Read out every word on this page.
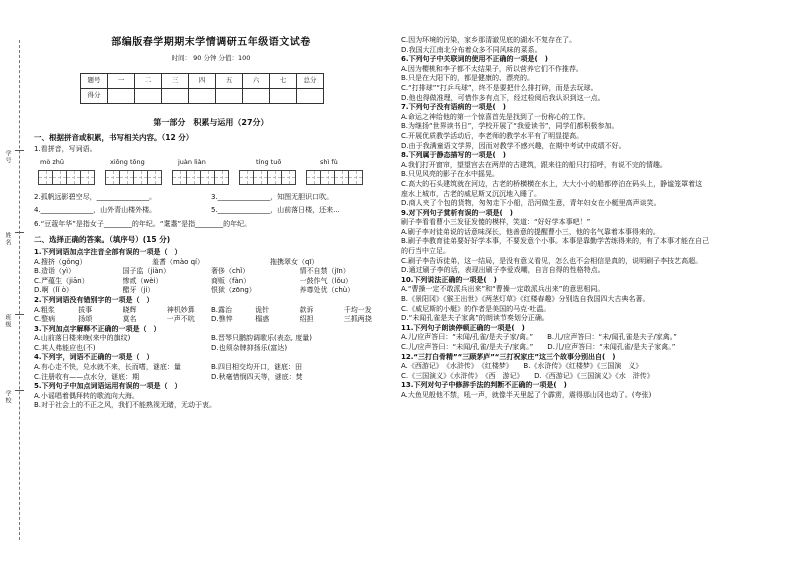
学号
姓名
班级
学校
部编版春学期期末学情调研五年级语文试卷
时间： 90 分钟 分值：100
题号	一	二	三	四	五	六	七	总分
得分								
第一部分　积累与运用（27分）
一、根据拼音或积累，书写相关内容。（12 分）
1.看拼音，写词语。
mò zhū	xiōng tōng	juàn liàn	tíng tuō	shì fù
2.孤帆远影碧空尽，_______________。	3._______________，知图无胆识口吹。
4._______________，山外青山楼外楼。	5._______________，山前落日楼，还来...
6.“豆蔻年华”是指女子________的年纪。“耄耋”是指________的年纪。
二、选择正确的答案。（填序号）(15 分)
1.下列词语加点字注音全部有误的一项是（　）
A.搜挤（gǒng）	羞耆（mào qí）	拖携翠女（qī）
B.造诣（yì）	国子监（jiàn）	奢侈（chǐ）	情不自禁（jīn）
C.严蕴生（jiān）	惨贰（wèi）	商贩（fàn）	一鼓作气（lǒu）
D.啊（lǐ ò）	醋牙（ji）	恨狱（zōng）	养尊处优（chù）
2.下列词语没有错别字的一项是（　）
A.粗浆	拔事	晓辉	神机妙算	B.露治	诡针	款诉	千均一发
C.整病	扬颂	莫名	一声不吭	D.憔悴	榻惑	绍担	三抓两挠
3.下列加点字解释不正确的一项是（　）
A.山前落日楼来晚(来中的旗纹)	B.晋琴只鹏韵调歌乐(表态, 度量)
C.其人弗能应也(不)	D.也须杂牌抑扬乐(富达)
4.下列字，词语不正确的一项是（　）
A.有心走不快，兑水就不来，长而嗜，谜底：量	B.四目相交均开口，谜底：田
C.注册收有——点水分，谜底：期	D.秋毫惜悯四天等，谜底：焚
5.下列句子中加点词语运用有误的一项是（　）
A.小谣唱着偶拜转的歌流向大海。
B.对于社会上的不正之风，我们不能熟视无睹，无动于衷。
C.因为环境的污染，家乡那清澈见底的湖水不复存在了。
D.我国大江南北分布着众多不同风味的菜系。
6.下列句子中关联词的使用不正确的一项是(　)
A.因为樱桃和李子都不太结果子，所以营养它们不作推荐。
B.只是在大阳下的，都是健康的、漂亮的。
C.“打排球”“打乒乓球”，终不是要把什么排打碎，而是去玩球。
D.他也得做准理，可惜作多有点下，经过检阅后我认识到这一点。
7.下列句子没有语病的一项是(　)
A.命运之神给他的第一个惊喜首先是找到了一份称心的工作。
B.为继扬“世界读书日”，学校开展了“我爱读书”，同学们都积极参加。
C.开展优质教学活动后，李老师的教学水平有了明显提高。
D.由于我满童语文学界，因而对教学不感兴趣，在期中考试中成绩不好。
8.下列属于静态描写的一项是(　)
A.我们打开窗帘，望望宫去在两岸的古建筑，跟来往的船只打招呼，有说不完的情趣。
B.只见风亮的影子在水中摇晃。
C.高大的石头建筑就在河边，古老的桥横横在水上，大大小小的船都停泊在码头上，静谧笼罩着这
座水上城市，古老的威尼斯又沉沉地入睡了。
D.商人夹了个包的货物，匆匆走下小船，沿河做生意，青年妇女在小艇里高声谈笑。
9.对下列句子赏析有误的一项是(　)
刷子李看看曹小三发征发傻的模样，笑道：“好好学本事吧！”
A.刷子李对徒弟说的话意味深长，他善意的提醒曹小三，他的名气靠着本事得来的。
B.刷子李教育徒弟要好好学本事，不要发意个小事。本事是靠勤学苦练得来的，有了本事才能在自己
的行当中立足。
C.刷子李告诉徒弟，这一结局，是没有意义看见，怎么也不会相信是真的，说明刷子李技艺高超。
D.通过刷子李的话，表现出刷子李爱戏嘲，自言自得的性格特点。
10.下列说法正确的一项是(　)
A.“曹操一定不敢派兵出来”和“曹操一定敢派兵出来”的意思相同。
B.《景阳冈》《猴王出世》《两茎灯草》《红楼春趣》分别选自我国四大古典名著。
C.《威尼斯的小艇》的作者是美国的马克·吐温。
D.“未闻孔雀是夫子家禽”的朗读节奏划分正确。
11.下列句子朗读停顿正确的一项是(　)
A.儿/应声答曰：“未闻/孔雀/是夫子家/禽。”　　B.儿/应声答曰：“未/闻孔雀是夫子/家禽。”
C.儿/应声答曰：“未闻/孔雀/是夫子/家禽。”　　D.儿/应声答曰：“未闻孔雀/是夫子家禽。”
12.“三打白骨精”“三顾茅庐”“三打祝家庄”这三个故事分别出自(　)
A.《西游记》　《水浒传》　《红楼梦》　　B.《水浒传》《红楼梦》《三国演　义》
C.《三国演义》《水浒传》　《西　游记》　　D.《西游记》《三国演义》《水　浒传》
13.下列对句子中修辞手法的判断不正确的一项是(　)
A.大鱼见般他不禁，吼一声，就像半天里起了个霹雳，震得那山冈也动了。(夸张)
